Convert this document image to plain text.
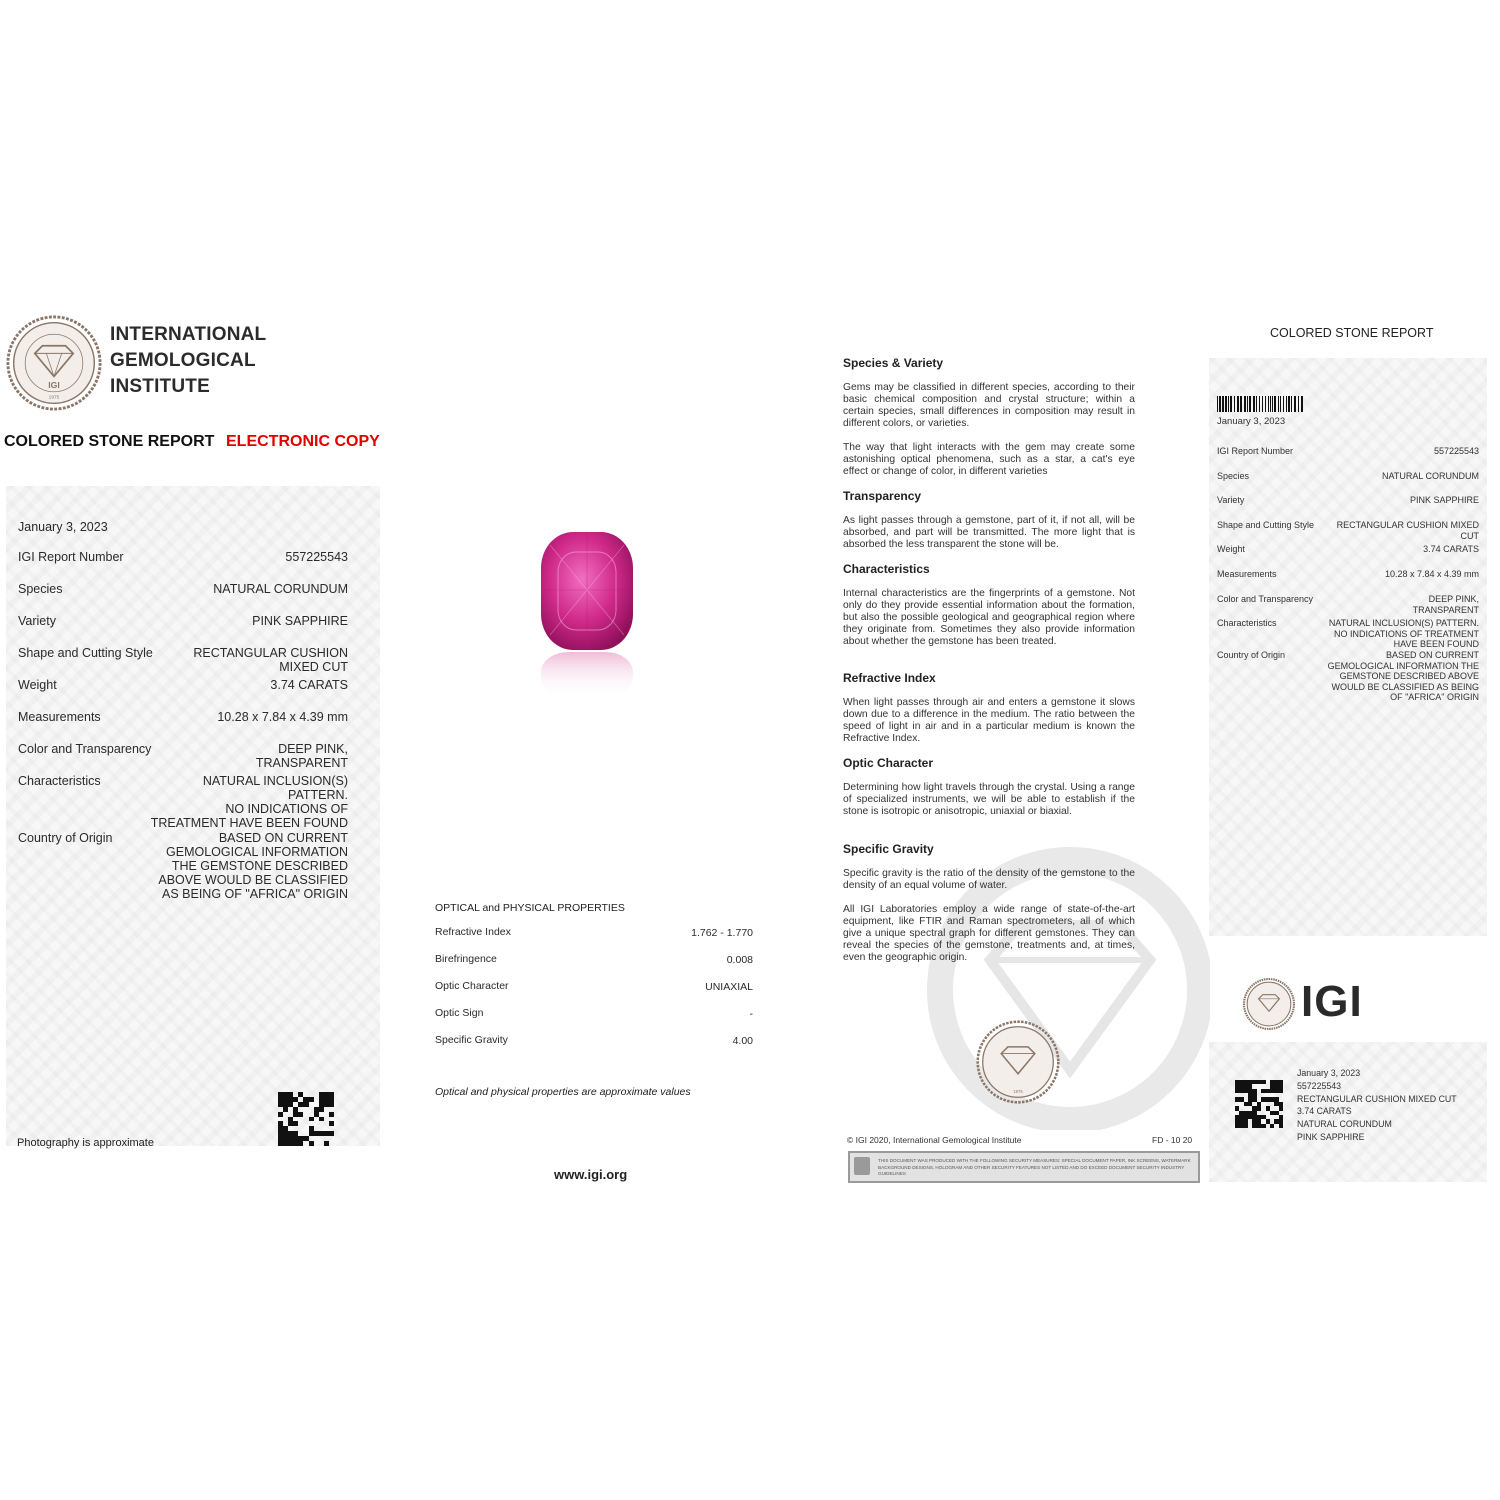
IGI
1975
INTERNATIONAL
GEMOLOGICAL
INSTITUTE
COLORED STONE REPORT ELECTRONIC COPY
January 3, 2023
IGI Report Number	557225543
Species	NATURAL CORUNDUM
Variety	PINK SAPPHIRE
Shape and Cutting Style	RECTANGULAR CUSHION
MIXED CUT
Weight	3.74 CARATS
Measurements	10.28 x 7.84 x 4.39 mm
Color and Transparency	DEEP PINK,
TRANSPARENT
Characteristics	NATURAL INCLUSION(S)
PATTERN.
NO INDICATIONS OF
TREATMENT HAVE BEEN FOUND
Country of Origin	BASED ON CURRENT
GEMOLOGICAL INFORMATION
THE GEMSTONE DESCRIBED
ABOVE WOULD BE CLASSIFIED
AS BEING OF "AFRICA" ORIGIN
Photography is approximate
OPTICAL and PHYSICAL PROPERTIES
Refractive Index	1.762 - 1.770
Birefringence	0.008
Optic Character	UNIAXIAL
Optic Sign	-
Specific Gravity	4.00
Optical and physical properties are approximate values
www.igi.org
Species & Variety

Gems may be classified in different species, according to their basic chemical composition and crystal structure; within a certain species, small differences in composition may result in different colors, or varieties.

The way that light interacts with the gem may create some astonishing optical phenomena, such as a star, a cat's eye effect or change of color, in different varieties

Transparency

As light passes through a gemstone, part of it, if not all, will be absorbed, and part will be transmitted. The more light that is absorbed the less transparent the stone will be.

Characteristics

Internal characteristics are the fingerprints of a gemstone. Not only do they provide essential information about the formation, but also the possible geological and geographical region where they originate from. Sometimes they also provide information about whether the gemstone has been treated.

Refractive Index

When light passes through air and enters a gemstone it slows down due to a difference in the medium. The ratio between the speed of light in air and in a particular medium is known the Refractive Index.

Optic Character

Determining how light travels through the crystal. Using a range of specialized instruments, we will be able to establish if the stone is isotropic or anisotropic, uniaxial or biaxial.

Specific Gravity

Specific gravity is the ratio of the density of the gemstone to the density of an equal volume of water.

All IGI Laboratories employ a wide range of state-of-the-art equipment, like FTIR and Raman spectrometers, all of which give a unique spectral graph for different gemstones. They can reveal the species of the gemstone, treatments and, at times, even the geographic origin.

1975
© IGI 2020, International Gemological Institute	FD - 10 20
THIS DOCUMENT WAS PRODUCED WITH THE FOLLOWING SECURITY MEASURES: SPECIAL DOCUMENT PAPER, INK SCREENS, WATERMARK BACKGROUND DESIGNS, HOLOGRAM AND OTHER SECURITY FEATURES NOT LISTED AND DO EXCEED DOCUMENT SECURITY INDUSTRY GUIDELINES
COLORED STONE REPORT
January 3, 2023
IGI Report Number	557225543
Species	NATURAL CORUNDUM
Variety	PINK SAPPHIRE
Shape and Cutting Style	RECTANGULAR CUSHION MIXED
CUT
Weight	3.74 CARATS
Measurements	10.28 x 7.84 x 4.39 mm
Color and Transparency	DEEP PINK,
TRANSPARENT
Characteristics	NATURAL INCLUSION(S) PATTERN.
NO INDICATIONS OF TREATMENT
HAVE BEEN FOUND
Country of Origin	BASED ON CURRENT
GEMOLOGICAL INFORMATION THE
GEMSTONE DESCRIBED ABOVE
WOULD BE CLASSIFIED AS BEING
OF "AFRICA" ORIGIN
IGI
January 3, 2023
557225543
RECTANGULAR CUSHION MIXED CUT
3.74 CARATS
NATURAL CORUNDUM
PINK SAPPHIRE
